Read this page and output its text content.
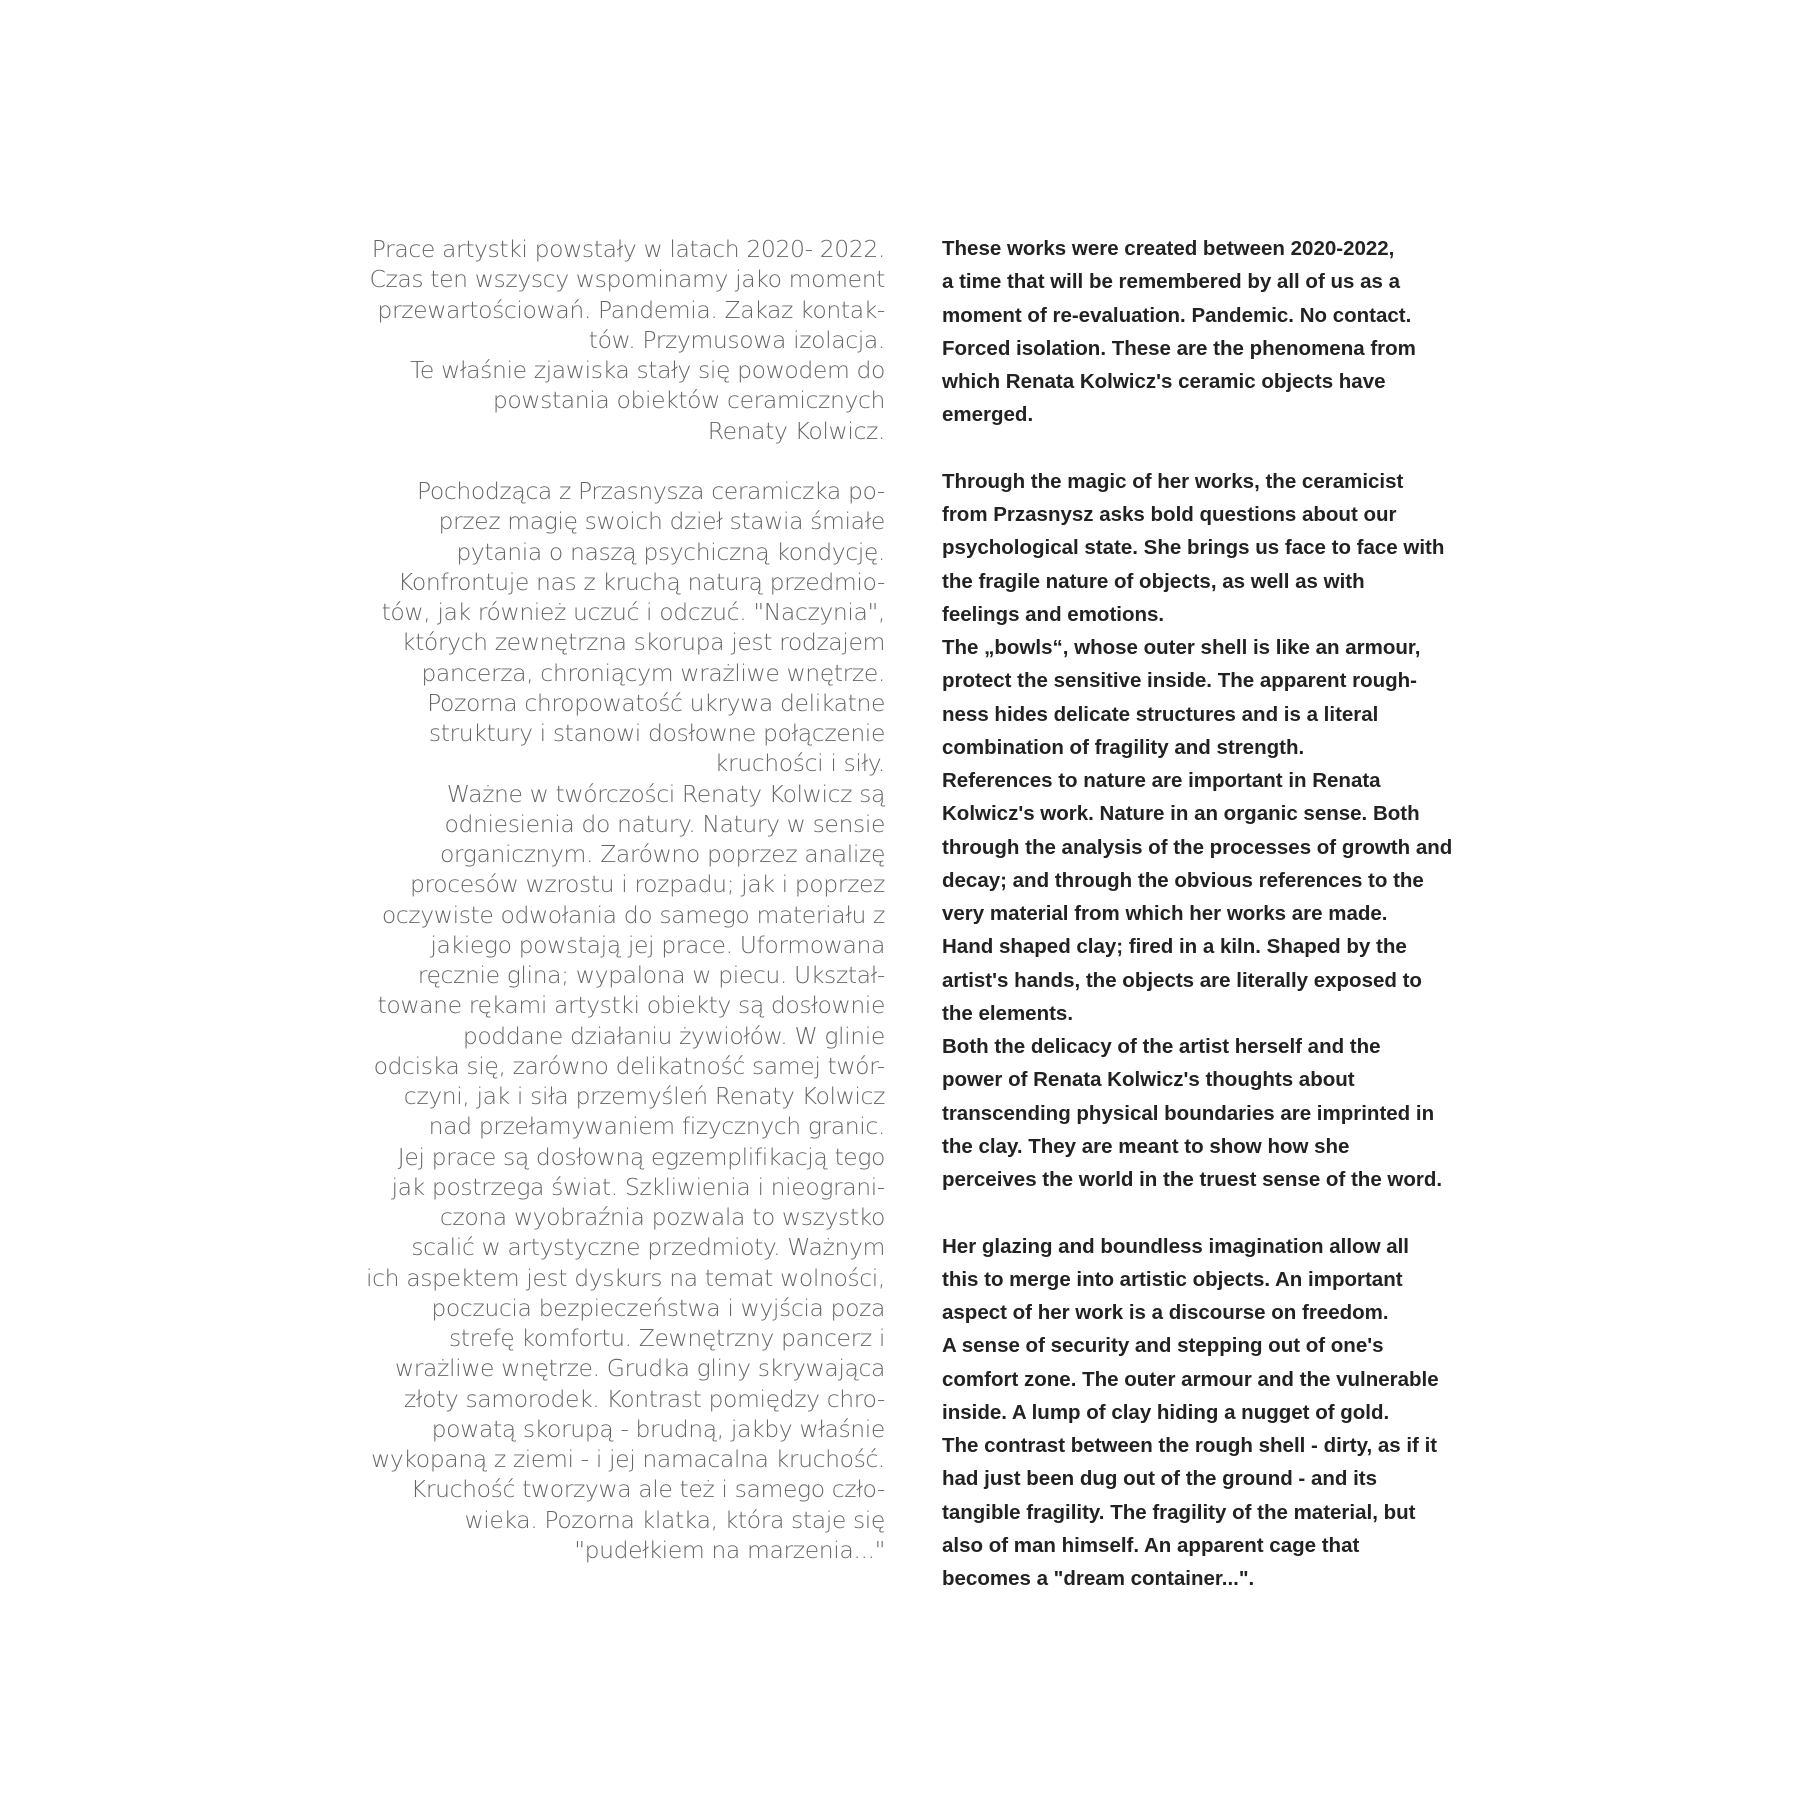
Prace artystki powstały w latach 2020- 2022.
Czas ten wszyscy wspominamy jako moment
przewartościowań. Pandemia. Zakaz kontak-
tów. Przymusowa izolacja.
Te właśnie zjawiska stały się powodem do
powstania obiektów ceramicznych
Renaty Kolwicz.
Pochodząca z Przasnysza ceramiczka po-
przez magię swoich dzieł stawia śmiałe
pytania o naszą psychiczną kondycję.
Konfrontuje nas z kruchą naturą przedmio-
tów, jak również uczuć i odczuć. "Naczynia",
których zewnętrzna skorupa jest rodzajem
pancerza, chroniącym wrażliwe wnętrze.
Pozorna chropowatość ukrywa delikatne
struktury i stanowi dosłowne połączenie
kruchości i siły.
Ważne w twórczości Renaty Kolwicz są
odniesienia do natury. Natury w sensie
organicznym. Zarówno poprzez analizę
procesów wzrostu i rozpadu; jak i poprzez
oczywiste odwołania do samego materiału z
jakiego powstają jej prace. Uformowana
ręcznie glina; wypalona w piecu. Ukształ-
towane rękami artystki obiekty są dosłownie
poddane działaniu żywiołów. W glinie
odciska się, zarówno delikatność samej twór-
czyni, jak i siła przemyśleń Renaty Kolwicz
nad przełamywaniem fizycznych granic.
Jej prace są dosłowną egzemplifikacją tego
jak postrzega świat. Szkliwienia i nieograni-
czona wyobraźnia pozwala to wszystko
scalić w artystyczne przedmioty. Ważnym
ich aspektem jest dyskurs na temat wolności,
poczucia bezpieczeństwa i wyjścia poza
strefę komfortu. Zewnętrzny pancerz i
wrażliwe wnętrze. Grudka gliny skrywająca
złoty samorodek. Kontrast pomiędzy chro-
powatą skorupą - brudną, jakby właśnie
wykopaną z ziemi - i jej namacalna kruchość.
Kruchość tworzywa ale też i samego czło-
wieka. Pozorna klatka, która staje się
"pudełkiem na marzenia..."
These works were created between 2020-2022,
a time that will be remembered by all of us as a
moment of re-evaluation. Pandemic. No contact.
Forced isolation. These are the phenomena from
which Renata Kolwicz's ceramic objects have
emerged.
Through the magic of her works, the ceramicist
from Przasnysz asks bold questions about our
psychological state. She brings us face to face with
the fragile nature of objects, as well as with
feelings and emotions.
The „bowls“, whose outer shell is like an armour,
protect the sensitive inside. The apparent rough-
ness hides delicate structures and is a literal
combination of fragility and strength.
References to nature are important in Renata
Kolwicz's work. Nature in an organic sense. Both
through the analysis of the processes of growth and
decay; and through the obvious references to the
very material from which her works are made.
Hand shaped clay; fired in a kiln. Shaped by the
artist's hands, the objects are literally exposed to
the elements.
Both the delicacy of the artist herself and the
power of Renata Kolwicz's thoughts about
transcending physical boundaries are imprinted in
the clay. They are meant to show how she
perceives the world in the truest sense of the word.
Her glazing and boundless imagination allow all
this to merge into artistic objects. An important
aspect of her work is a discourse on freedom.
A sense of security and stepping out of one's
comfort zone. The outer armour and the vulnerable
inside. A lump of clay hiding a nugget of gold.
The contrast between the rough shell - dirty, as if it
had just been dug out of the ground - and its
tangible fragility. The fragility of the material, but
also of man himself. An apparent cage that
becomes a "dream container...".
